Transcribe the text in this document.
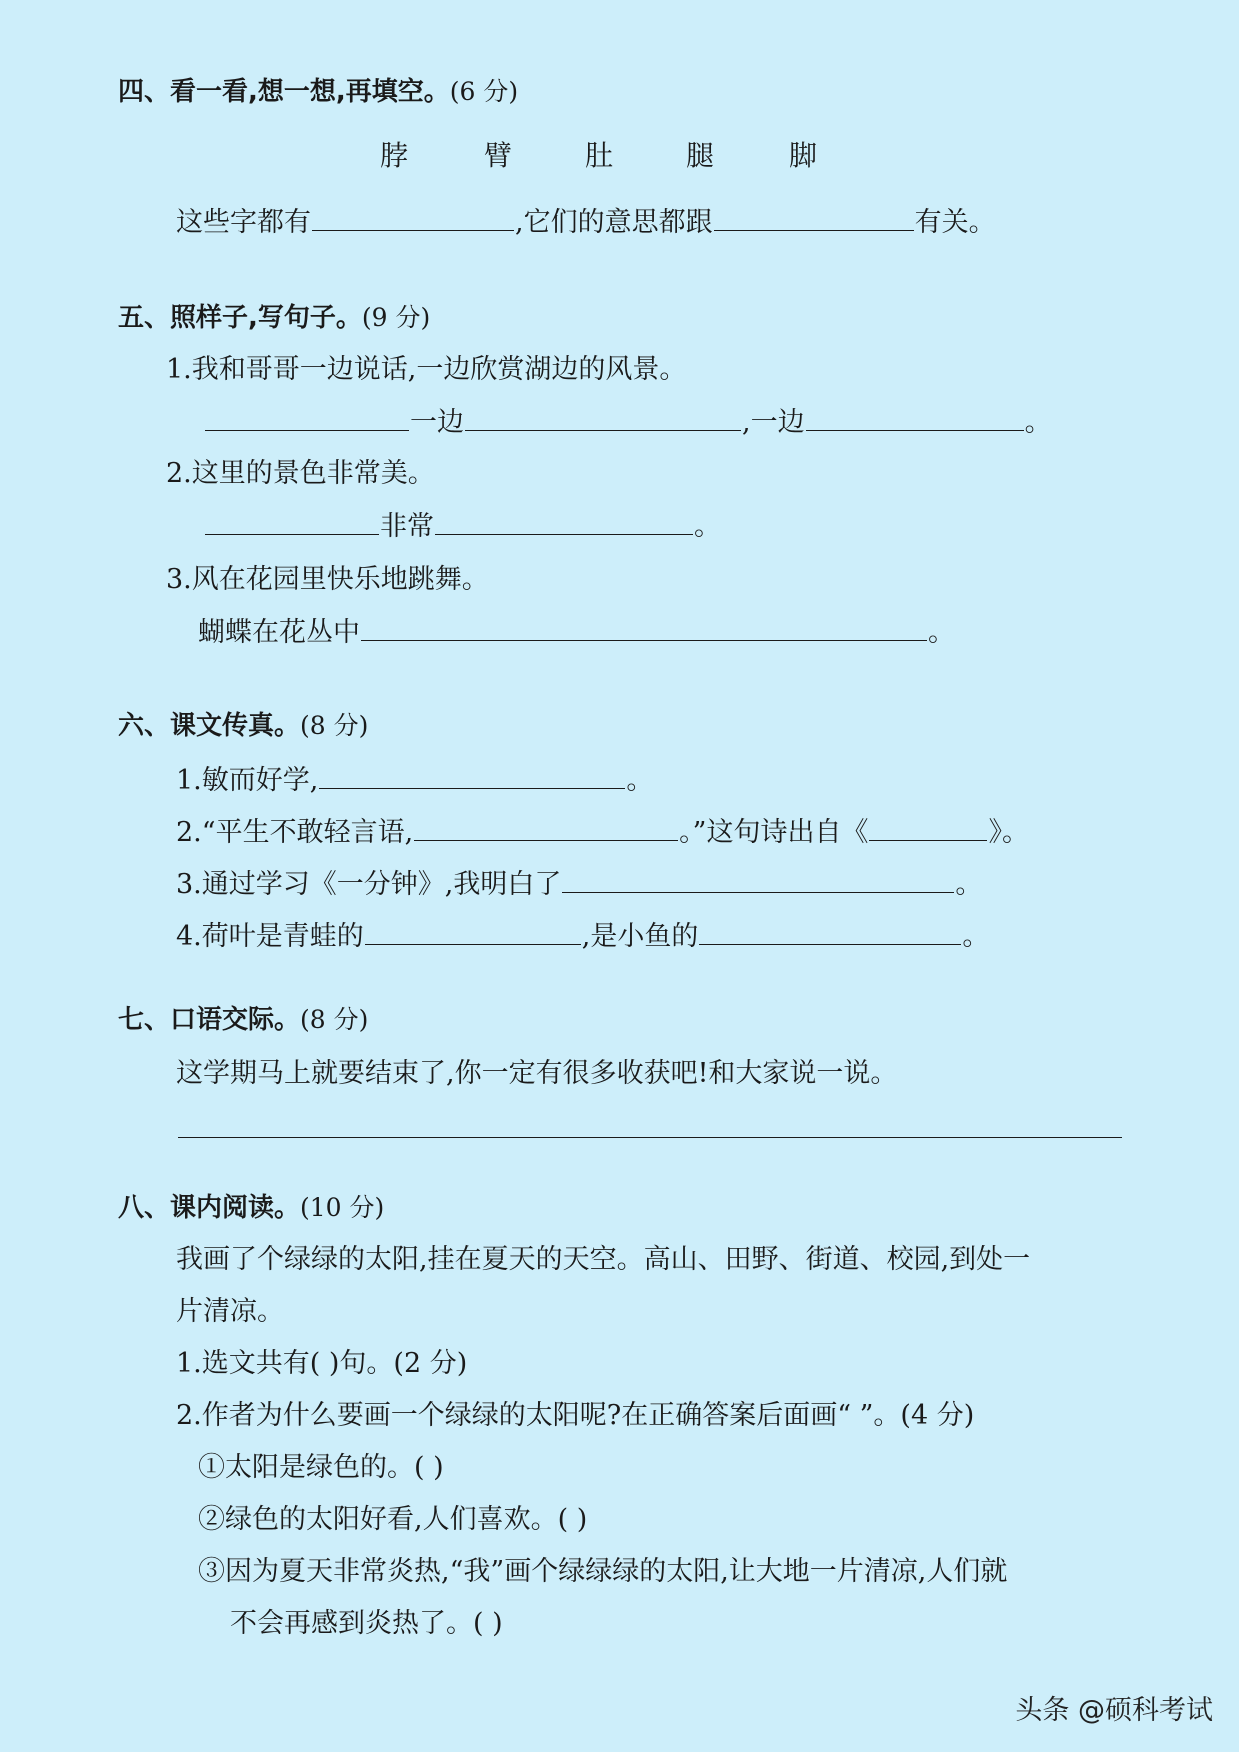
四、看一看,想一想,再填空。(6 分)
脖	臂	肚	腿	脚
这些字都有	,它们的意思都跟	有关。
五、照样子,写句子。(9 分)
1.我和哥哥一边说话,一边欣赏湖边的风景。
一边	,一边	。
2.这里的景色非常美。
非常	。
3.风在花园里快乐地跳舞。
蝴蝶在花丛中	。
六、课文传真。(8 分)
1.敏而好学,	。
2.“平生不敢轻言语,	。”这句诗出自《	》。
3.通过学习《一分钟》,我明白了	。
4.荷叶是青蛙的	,是小鱼的	。
七、口语交际。(8 分)
这学期马上就要结束了,你一定有很多收获吧!和大家说一说。
八、课内阅读。(10 分)
我画了个绿绿的太阳,挂在夏天的天空。高山、田野、街道、校园,到处一
片清凉。
1.选文共有( )句。(2 分)
2.作者为什么要画一个绿绿的太阳呢?在正确答案后面画“ ”。(4 分)
①太阳是绿色的。( )
②绿色的太阳好看,人们喜欢。( )
③因为夏天非常炎热,“我”画个绿绿绿的太阳,让大地一片清凉,人们就
不会再感到炎热了。( )
头条 @硕科考试
